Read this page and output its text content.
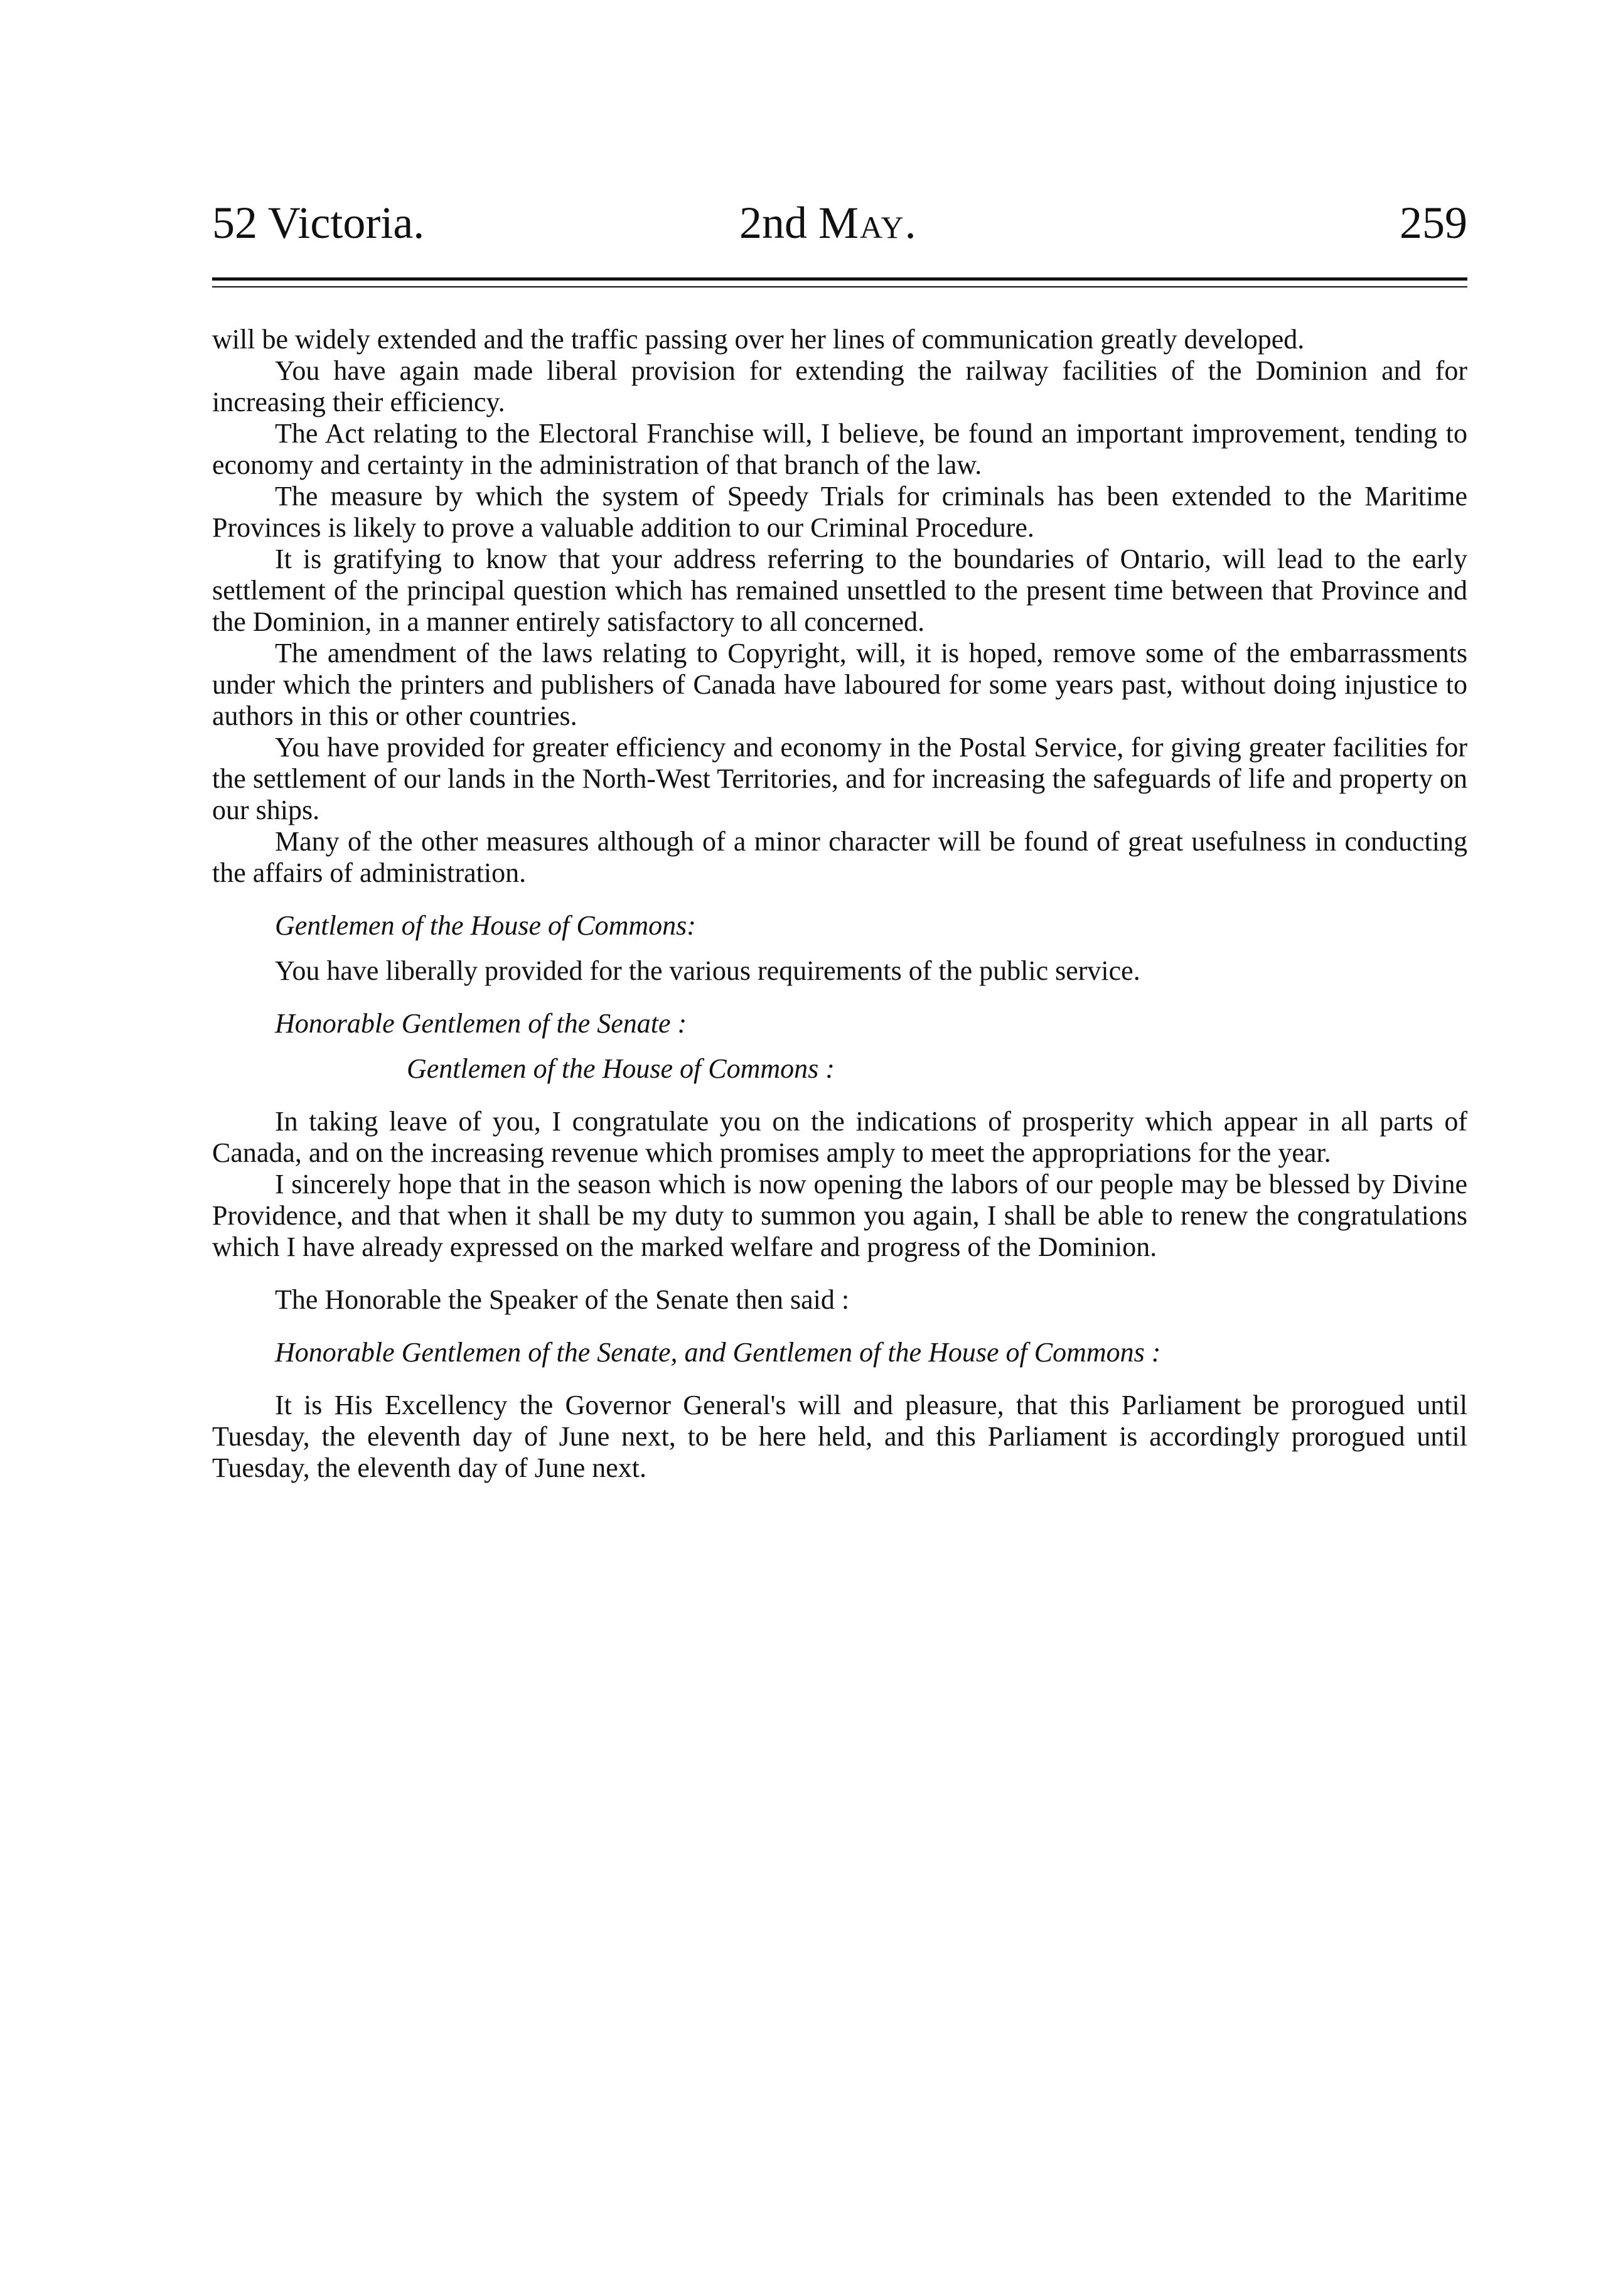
52 Victoria.	2nd May.	259

will be widely extended and the traffic passing over her lines of communication greatly developed.

You have again made liberal provision for extending the railway facilities of the Dominion and for increasing their efficiency.

The Act relating to the Electoral Franchise will, I believe, be found an important improvement, tending to economy and certainty in the administration of that branch of the law.

The measure by which the system of Speedy Trials for criminals has been extended to the Maritime Provinces is likely to prove a valuable addition to our Criminal Procedure.

It is gratifying to know that your address referring to the boundaries of Ontario, will lead to the early settlement of the principal question which has remained unsettled to the present time between that Province and the Dominion, in a manner entirely satisfactory to all concerned.

The amendment of the laws relating to Copyright, will, it is hoped, remove some of the embarrassments under which the printers and publishers of Canada have laboured for some years past, without doing injustice to authors in this or other countries.

You have provided for greater efficiency and economy in the Postal Service, for giving greater facilities for the settlement of our lands in the North-West Territories, and for increasing the safeguards of life and property on our ships.

Many of the other measures although of a minor character will be found of great usefulness in conducting the affairs of administration.

Gentlemen of the House of Commons:

You have liberally provided for the various requirements of the public service.

Honorable Gentlemen of the Senate :

Gentlemen of the House of Commons :

In taking leave of you, I congratulate you on the indications of prosperity which appear in all parts of Canada, and on the increasing revenue which promises amply to meet the appropriations for the year.

I sincerely hope that in the season which is now opening the labors of our people may be blessed by Divine Providence, and that when it shall be my duty to summon you again, I shall be able to renew the congratulations which I have already expressed on the marked welfare and progress of the Dominion.

The Honorable the Speaker of the Senate then said :

Honorable Gentlemen of the Senate, and Gentlemen of the House of Commons :

It is His Excellency the Governor General's will and pleasure, that this Parliament be prorogued until Tuesday, the eleventh day of June next, to be here held, and this Parliament is accordingly prorogued until Tuesday, the eleventh day of June next.
